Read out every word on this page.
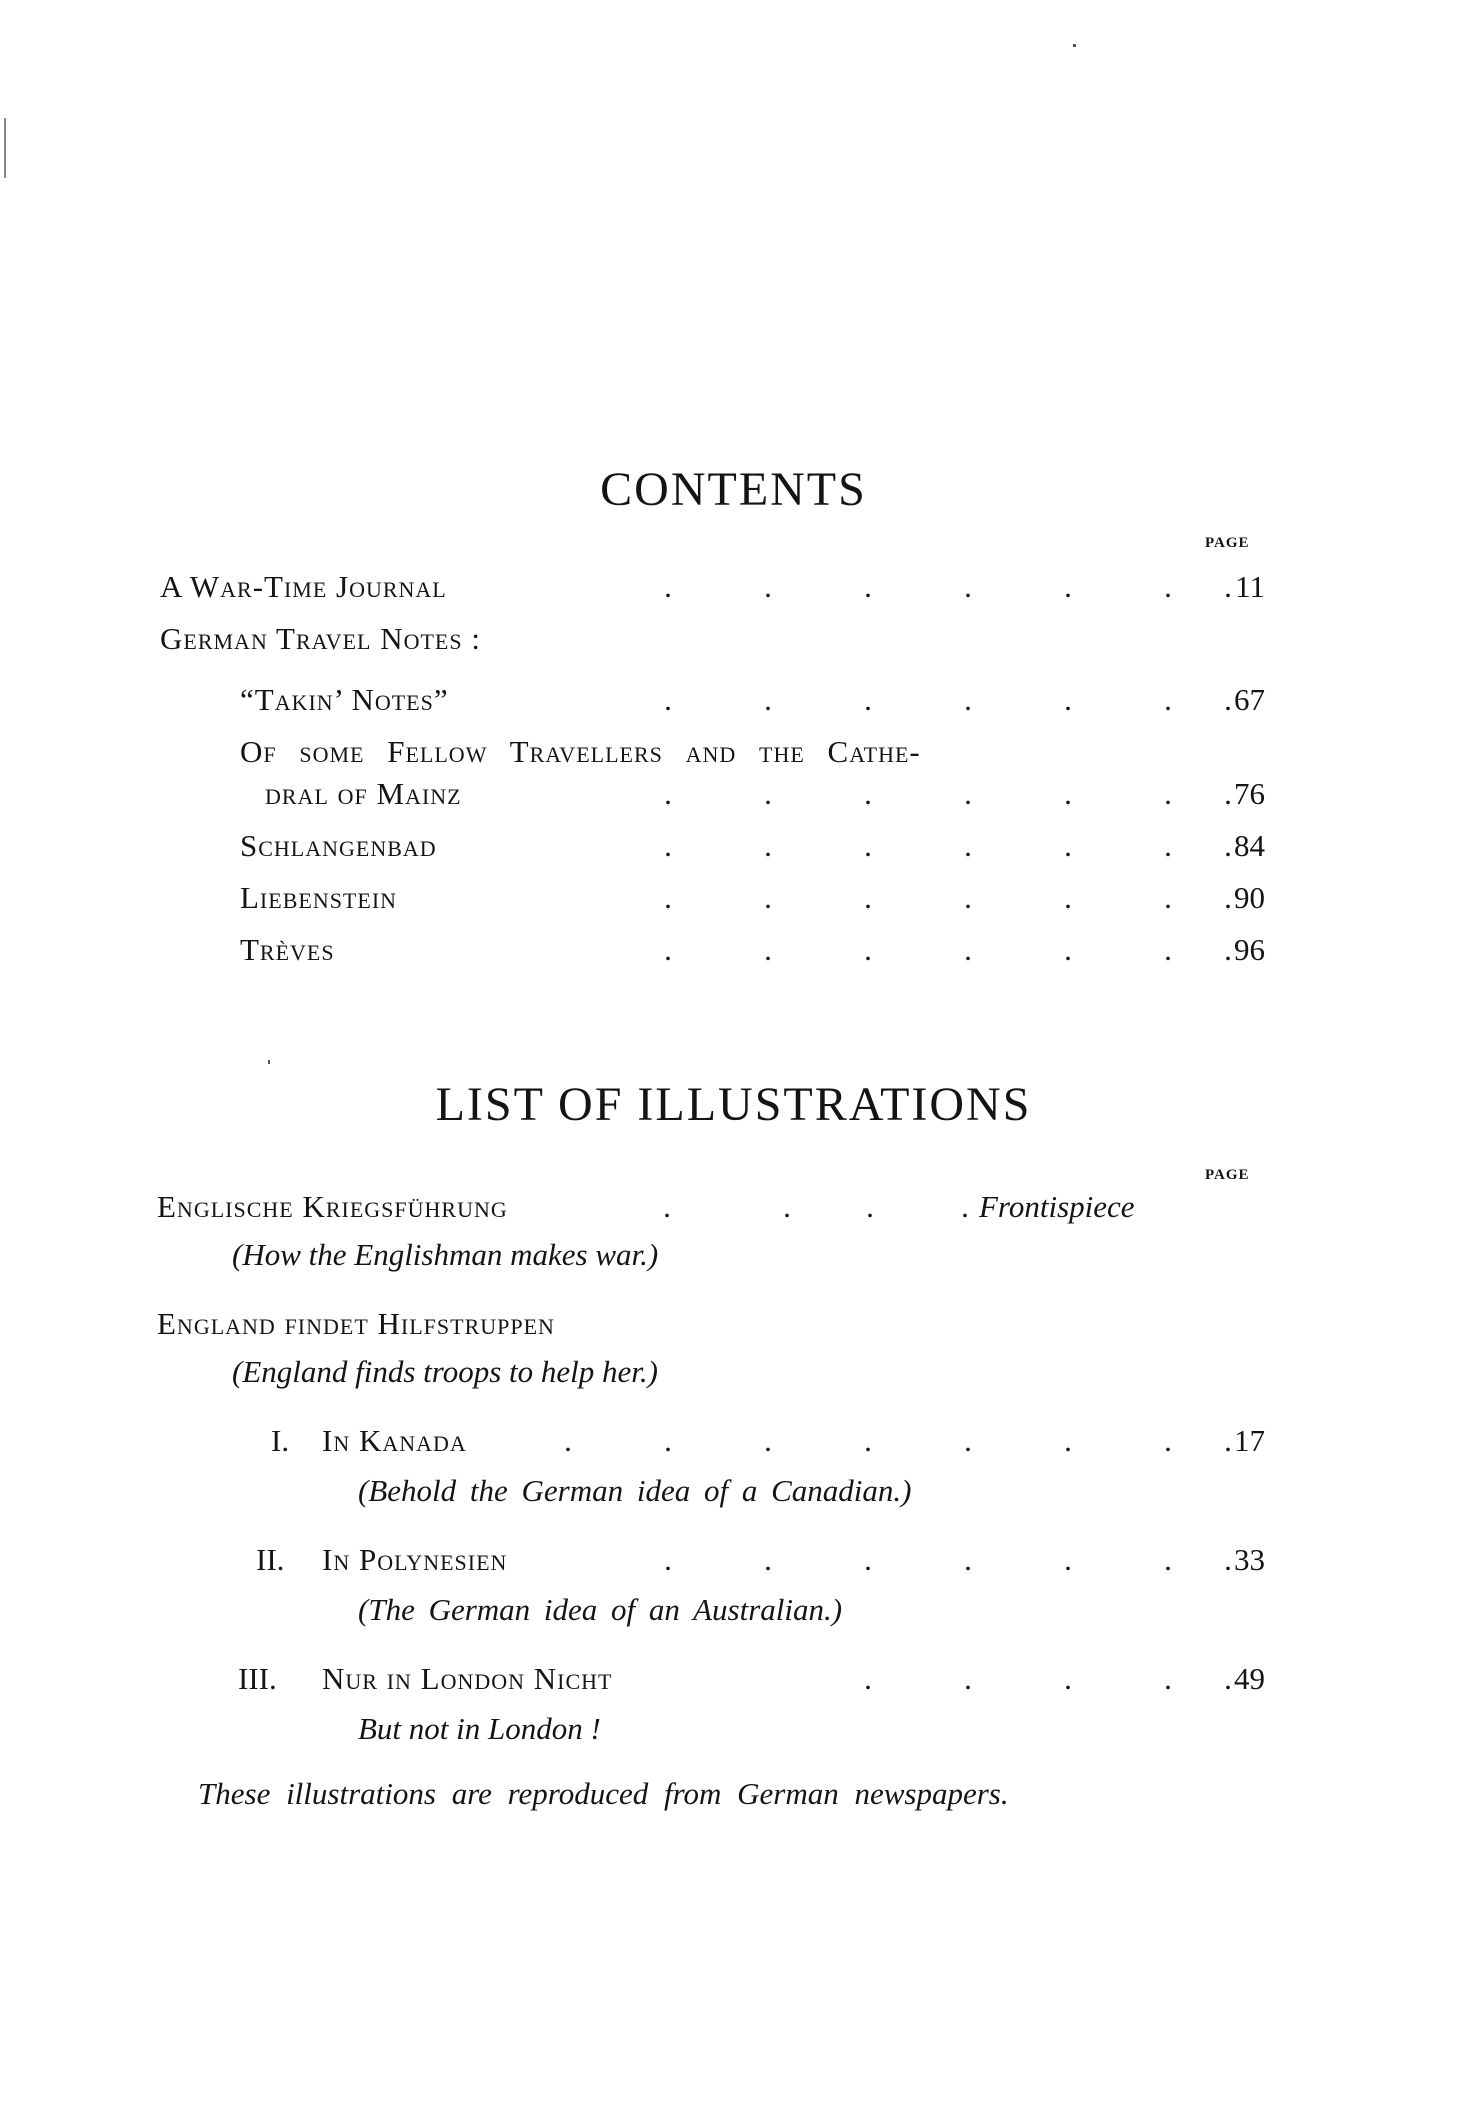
CONTENTS
PAGE
A War-Time Journal	.	.	.	.	.	. . 11
German Travel Notes :
“Takin’ Notes”	.	.	.	.	.	. . 67
Of some Fellow Travellers and the Cathe-
dral of Mainz	.	.	.	.	.	. . 76
Schlangenbad	.	.	.	.	.	. . 84
Liebenstein	.	.	.	.	.	. . 90
Trèves	.	.	.	.	.	. . 96
LIST OF ILLUSTRATIONS
PAGE
Englische Kriegsführung	.	. .	. Frontispiece
(How the Englishman makes war.)
England findet Hilfstruppen
(England finds troops to help her.)
I. In Kanada	.	.	.	.	.	.	. . 17
(Behold the German idea of a Canadian.)
II. In Polynesien	.	.	.	.	.	. . 33
(The German idea of an Australian.)
III. Nur in London Nicht	.	.	.	. . 49
But not in London !
These illustrations are reproduced from German newspapers.
